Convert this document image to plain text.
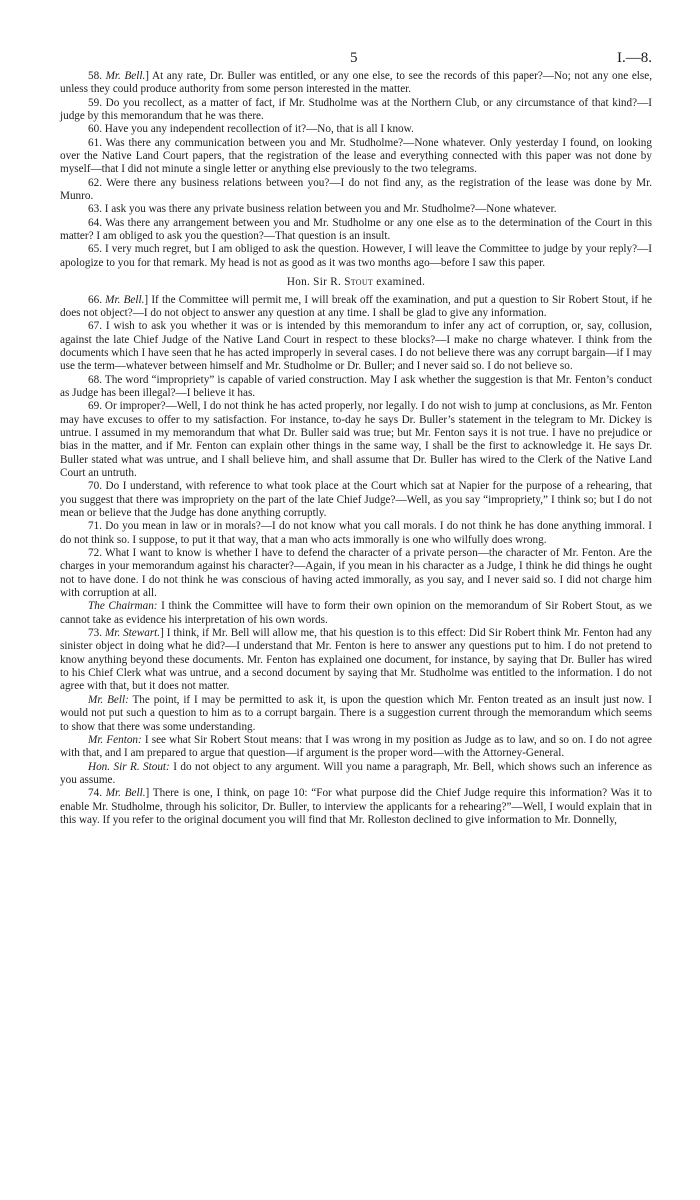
5	I.—8.

58. Mr. Bell.] At any rate, Dr. Buller was entitled, or any one else, to see the records of this paper?—No; not any one else, unless they could produce authority from some person interested in the matter.

59. Do you recollect, as a matter of fact, if Mr. Studholme was at the Northern Club, or any circumstance of that kind?—I judge by this memorandum that he was there.

60. Have you any independent recollection of it?—No, that is all I know.

61. Was there any communication between you and Mr. Studholme?—None whatever. Only yesterday I found, on looking over the Native Land Court papers, that the registration of the lease and everything connected with this paper was not done by myself—that I did not minute a single letter or anything else previously to the two telegrams.

62. Were there any business relations between you?—I do not find any, as the registration of the lease was done by Mr. Munro.

63. I ask you was there any private business relation between you and Mr. Studholme?—None whatever.

64. Was there any arrangement between you and Mr. Studholme or any one else as to the determination of the Court in this matter? I am obliged to ask you the question?—That question is an insult.

65. I very much regret, but I am obliged to ask the question. However, I will leave the Committee to judge by your reply?—I apologize to you for that remark. My head is not as good as it was two months ago—before I saw this paper.

Hon. Sir R. Stout examined.

66. Mr. Bell.] If the Committee will permit me, I will break off the examination, and put a question to Sir Robert Stout, if he does not object?—I do not object to answer any question at any time. I shall be glad to give any information.

67. I wish to ask you whether it was or is intended by this memorandum to infer any act of corruption, or, say, collusion, against the late Chief Judge of the Native Land Court in respect to these blocks?—I make no charge whatever. I think from the documents which I have seen that he has acted improperly in several cases. I do not believe there was any corrupt bargain—if I may use the term—whatever between himself and Mr. Studholme or Dr. Buller; and I never said so. I do not believe so.

68. The word “impropriety” is capable of varied construction. May I ask whether the suggestion is that Mr. Fenton’s conduct as Judge has been illegal?—I believe it has.

69. Or improper?—Well, I do not think he has acted properly, nor legally. I do not wish to jump at conclusions, as Mr. Fenton may have excuses to offer to my satisfaction. For instance, to-day he says Dr. Buller’s statement in the telegram to Mr. Dickey is untrue. I assumed in my memorandum that what Dr. Buller said was true; but Mr. Fenton says it is not true. I have no prejudice or bias in the matter, and if Mr. Fenton can explain other things in the same way, I shall be the first to acknowledge it. He says Dr. Buller stated what was untrue, and I shall believe him, and shall assume that Dr. Buller has wired to the Clerk of the Native Land Court an untruth.

70. Do I understand, with reference to what took place at the Court which sat at Napier for the purpose of a rehearing, that you suggest that there was impropriety on the part of the late Chief Judge?—Well, as you say “impropriety,” I think so; but I do not mean or believe that the Judge has done anything corruptly.

71. Do you mean in law or in morals?—I do not know what you call morals. I do not think he has done anything immoral. I do not think so. I suppose, to put it that way, that a man who acts immorally is one who wilfully does wrong.

72. What I want to know is whether I have to defend the character of a private person—the character of Mr. Fenton. Are the charges in your memorandum against his character?—Again, if you mean in his character as a Judge, I think he did things he ought not to have done. I do not think he was conscious of having acted immorally, as you say, and I never said so. I did not charge him with corruption at all.

The Chairman: I think the Committee will have to form their own opinion on the memorandum of Sir Robert Stout, as we cannot take as evidence his interpretation of his own words.

73. Mr. Stewart.] I think, if Mr. Bell will allow me, that his question is to this effect: Did Sir Robert think Mr. Fenton had any sinister object in doing what he did?—I understand that Mr. Fenton is here to answer any questions put to him. I do not pretend to know anything beyond these documents. Mr. Fenton has explained one document, for instance, by saying that Dr. Buller has wired to his Chief Clerk what was untrue, and a second document by saying that Mr. Studholme was entitled to the information. I do not agree with that, but it does not matter.

Mr. Bell: The point, if I may be permitted to ask it, is upon the question which Mr. Fenton treated as an insult just now. I would not put such a question to him as to a corrupt bargain. There is a suggestion current through the memorandum which seems to show that there was some understanding.

Mr. Fenton: I see what Sir Robert Stout means: that I was wrong in my position as Judge as to law, and so on. I do not agree with that, and I am prepared to argue that question—if argument is the proper word—with the Attorney-General.

Hon. Sir R. Stout: I do not object to any argument. Will you name a paragraph, Mr. Bell, which shows such an inference as you assume.

74. Mr. Bell.] There is one, I think, on page 10: “For what purpose did the Chief Judge require this information? Was it to enable Mr. Studholme, through his solicitor, Dr. Buller, to interview the applicants for a rehearing?”—Well, I would explain that in this way. If you refer to the original document you will find that Mr. Rolleston declined to give information to Mr. Donnelly,
